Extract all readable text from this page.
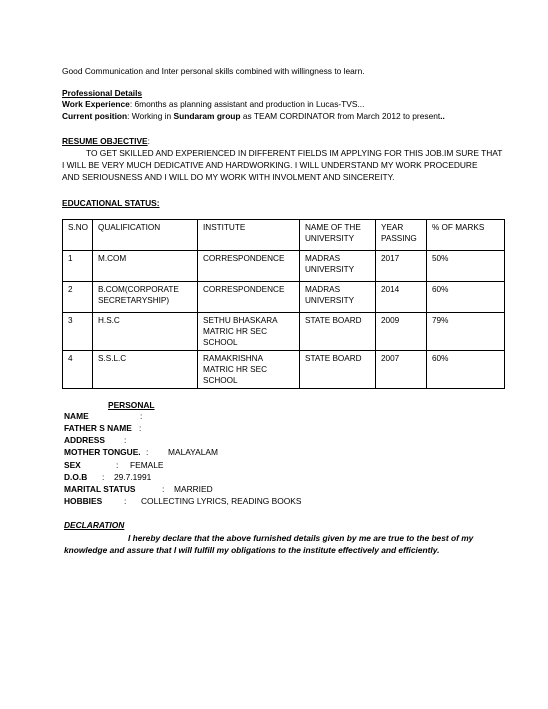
Good Communication and Inter personal skills combined with willingness to learn.
Professional Details
Work Experience: 6months as planning assistant and production in Lucas-TVS...
Current position: Working in Sundaram group as TEAM CORDINATOR from March 2012 to present..
RESUME OBJECTIVE:
TO GET SKILLED AND EXPERIENCED IN DIFFERENT FIELDS IM APPLYING FOR THIS JOB.IM SURE THAT
I WILL BE VERY MUCH DEDICATIVE AND HARDWORKING. I WILL UNDERSTAND MY WORK PROCEDURE
AND SERIOUSNESS AND I WILL DO MY WORK WITH INVOLMENT AND SINCEREITY.
EDUCATIONAL STATUS:
S.NO	QUALIFICATION	INSTITUTE	NAME OF THE UNIVERSITY	YEAR PASSING	% OF MARKS
1	M.COM	CORRESPONDENCE	MADRAS UNIVERSITY	2017	50%
2	B.COM(CORPORATE SECRETARYSHIP)	CORRESPONDENCE	MADRAS UNIVERSITY	2014	60%
3	H.S.C	SETHU BHASKARA MATRIC HR SEC SCHOOL	STATE BOARD	2009	79%
4	S.S.L.C	RAMAKRISHNA MATRIC HR SEC SCHOOL	STATE BOARD	2007	60%
PERSONAL
NAME	:
FATHER S NAME :
ADDRESS :
MOTHER TONGUE. : MALAYALAM
SEX	: FEMALE
D.O.B : 29.7.1991
MARITAL STATUS	: MARRIED
HOBBIES	: COLLECTING LYRICS, READING BOOKS
DECLARATION
I hereby declare that the above furnished details given by me are true to the best of my
knowledge and assure that I will fulfill my obligations to the institute effectively and efficiently.
